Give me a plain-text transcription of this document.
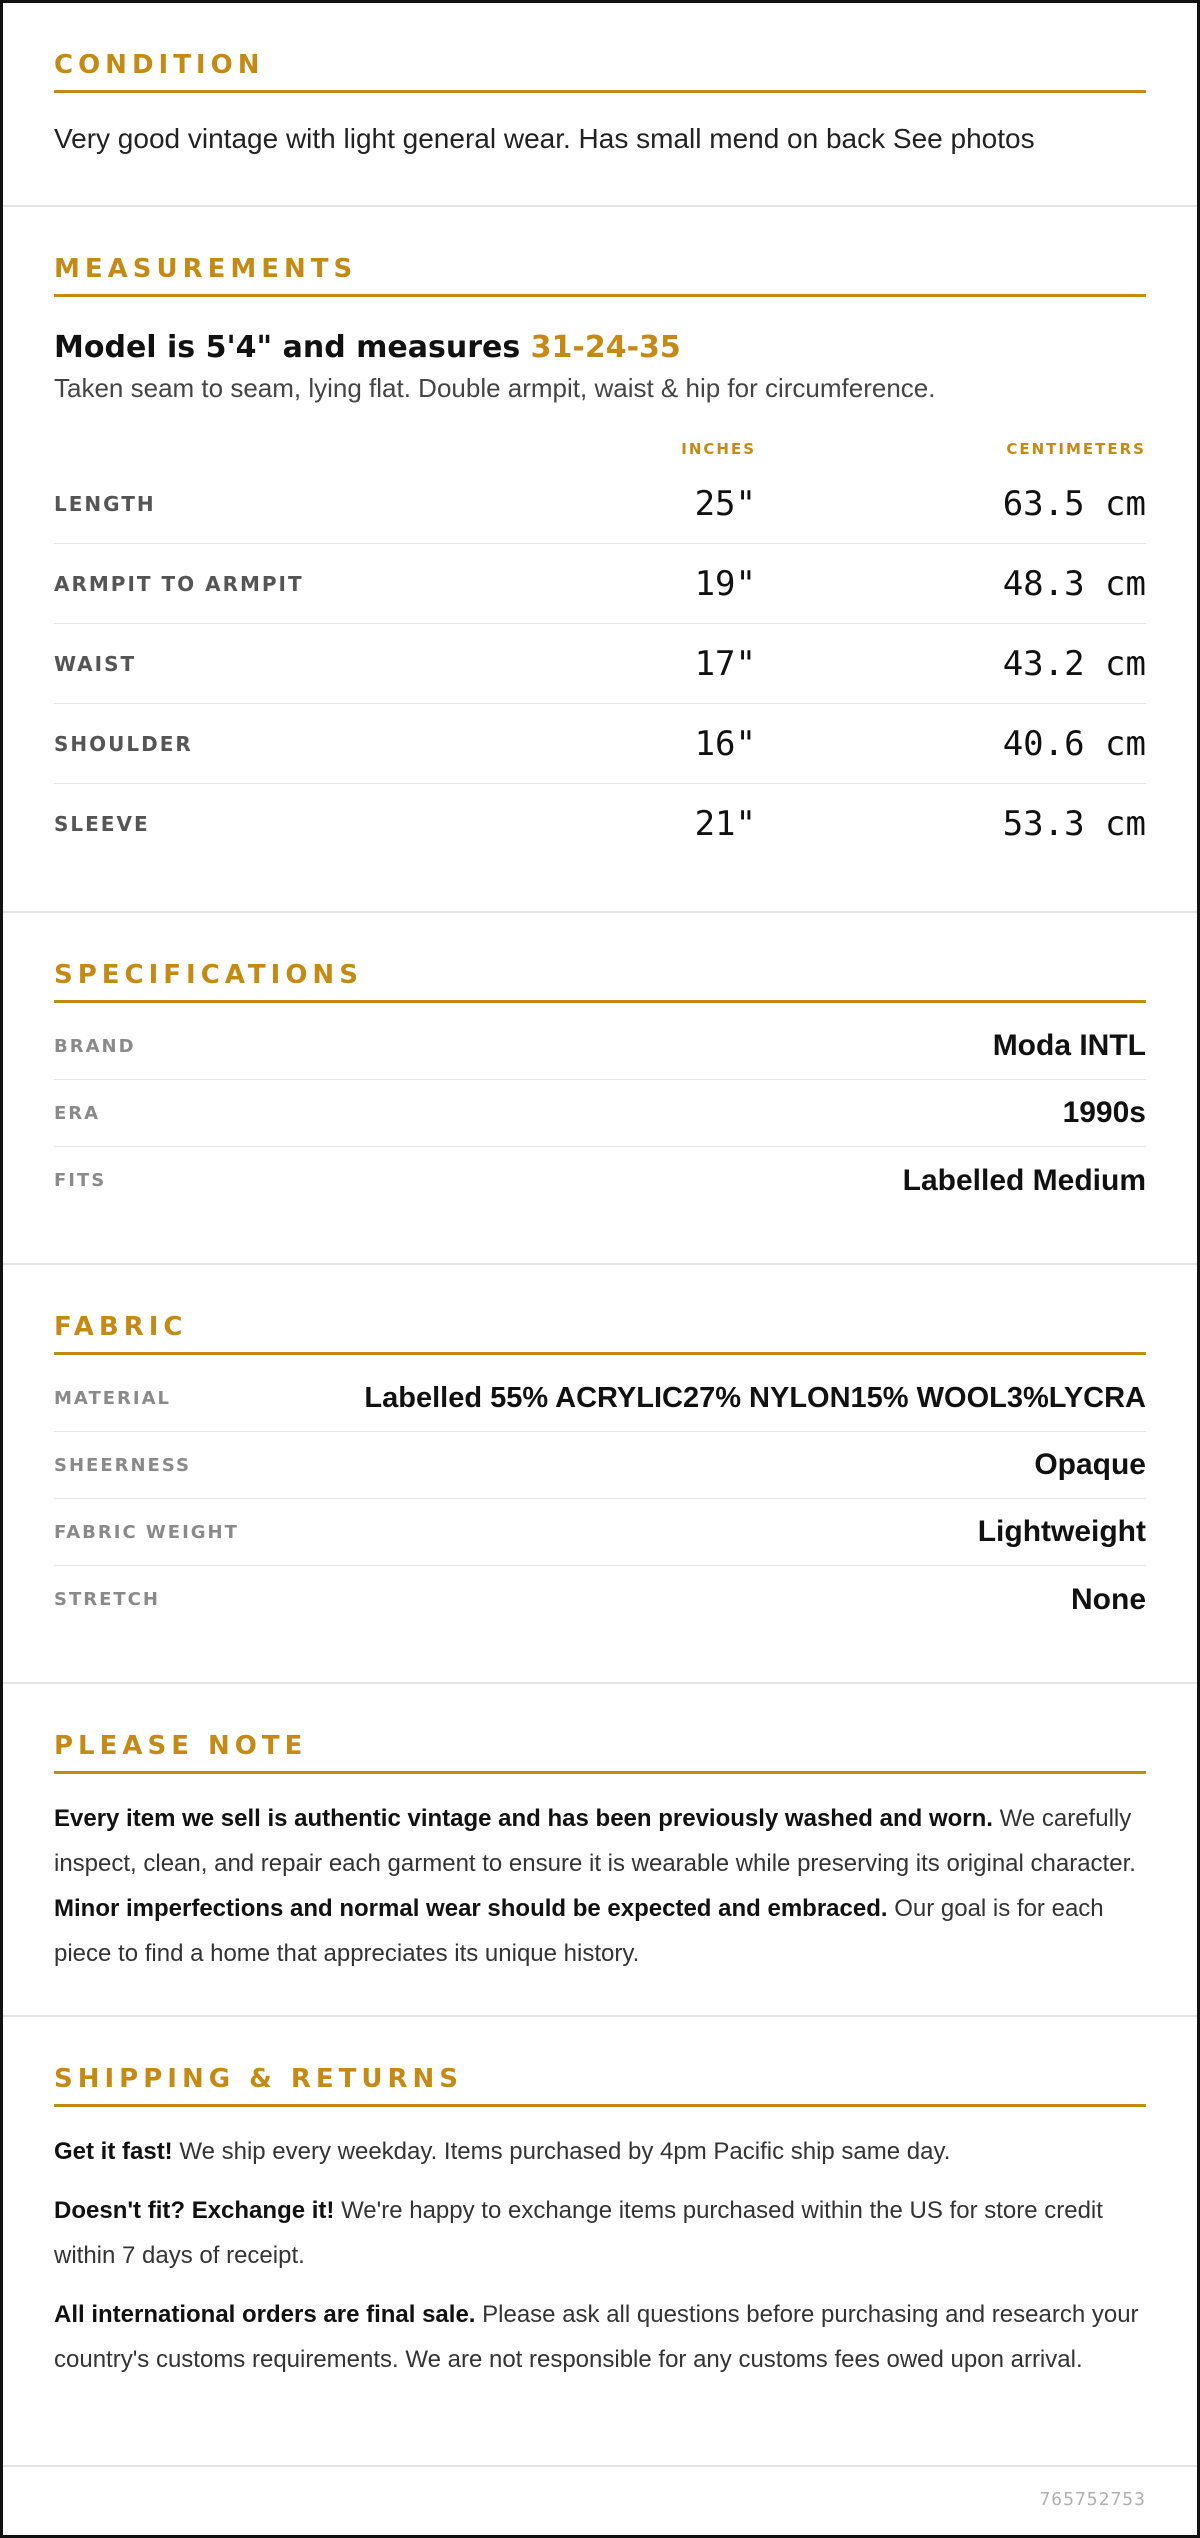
CONDITION
Very good vintage with light general wear. Has small mend on back See photos
MEASUREMENTS
Model is 5'4" and measures 31-24-35
Taken seam to seam, lying flat. Double armpit, waist & hip for circumference.
INCHES	CENTIMETERS
LENGTH	25"	63.5 cm
ARMPIT TO ARMPIT	19"	48.3 cm
WAIST	17"	43.2 cm
SHOULDER	16"	40.6 cm
SLEEVE	21"	53.3 cm
SPECIFICATIONS
BRAND	Moda INTL
ERA	1990s
FITS	Labelled Medium
FABRIC
MATERIAL	Labelled 55% ACRYLIC27% NYLON15% WOOL3%LYCRA
SHEERNESS	Opaque
FABRIC WEIGHT	Lightweight
STRETCH	None
PLEASE NOTE

Every item we sell is authentic vintage and has been previously washed and worn. We carefully inspect, clean, and repair each garment to ensure it is wearable while preserving its original character. Minor imperfections and normal wear should be expected and embraced. Our goal is for each piece to find a home that appreciates its unique history.

SHIPPING & RETURNS

Get it fast! We ship every weekday. Items purchased by 4pm Pacific ship same day.

Doesn't fit? Exchange it! We're happy to exchange items purchased within the US for store credit within 7 days of receipt.

All international orders are final sale. Please ask all questions before purchasing and research your country's customs requirements. We are not responsible for any customs fees owed upon arrival.

765752753
